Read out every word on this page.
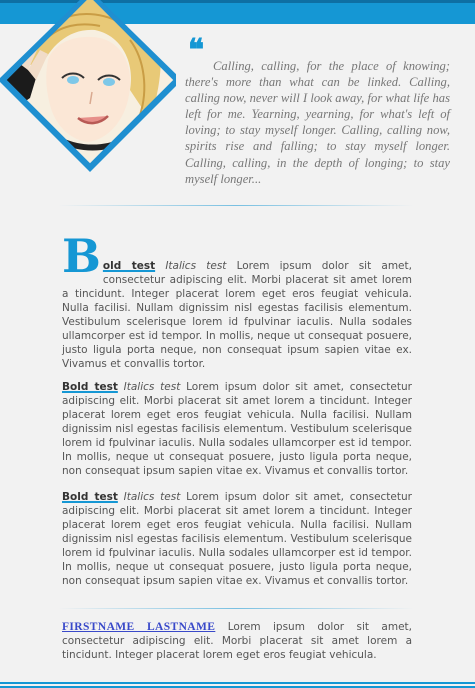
❝ Calling, calling, for the place of knowing; there's more than what can be linked. Calling, calling now, never will I look away, for what life has left for me. Yearning, yearning, for what's left of loving; to stay myself longer. Calling, calling now, spirits rise and falling; to stay myself longer. Calling, calling, in the depth of longing; to stay myself longer...
B old test Italics test Lorem ipsum dolor sit amet, consectetur adipiscing elit. Morbi placerat sit amet lorem a tincidunt. Integer placerat lorem eget eros feugiat vehicula. Nulla facilisi. Nullam dignissim nisl egestas facilisis elementum. Vestibulum scelerisque lorem id fpulvinar iaculis. Nulla sodales ullamcorper est id tempor. In mollis, neque ut consequat posuere, justo ligula porta neque, non consequat ipsum sapien vitae ex. Vivamus et convallis tortor.
Bold test Italics test Lorem ipsum dolor sit amet, consectetur adipiscing elit. Morbi placerat sit amet lorem a tincidunt. Integer placerat lorem eget eros feugiat vehicula. Nulla facilisi. Nullam dignissim nisl egestas facilisis elementum. Vestibulum scelerisque lorem id fpulvinar iaculis. Nulla sodales ullamcorper est id tempor. In mollis, neque ut consequat posuere, justo ligula porta neque, non consequat ipsum sapien vitae ex. Vivamus et convallis tortor.
Bold test Italics test Lorem ipsum dolor sit amet, consectetur adipiscing elit. Morbi placerat sit amet lorem a tincidunt. Integer placerat lorem eget eros feugiat vehicula. Nulla facilisi. Nullam dignissim nisl egestas facilisis elementum. Vestibulum scelerisque lorem id fpulvinar iaculis. Nulla sodales ullamcorper est id tempor. In mollis, neque ut consequat posuere, justo ligula porta neque, non consequat ipsum sapien vitae ex. Vivamus et convallis tortor.
FIRSTNAME LASTNAME Lorem ipsum dolor sit amet, consectetur adipiscing elit. Morbi placerat sit amet lorem a tincidunt. Integer placerat lorem eget eros feugiat vehicula.
